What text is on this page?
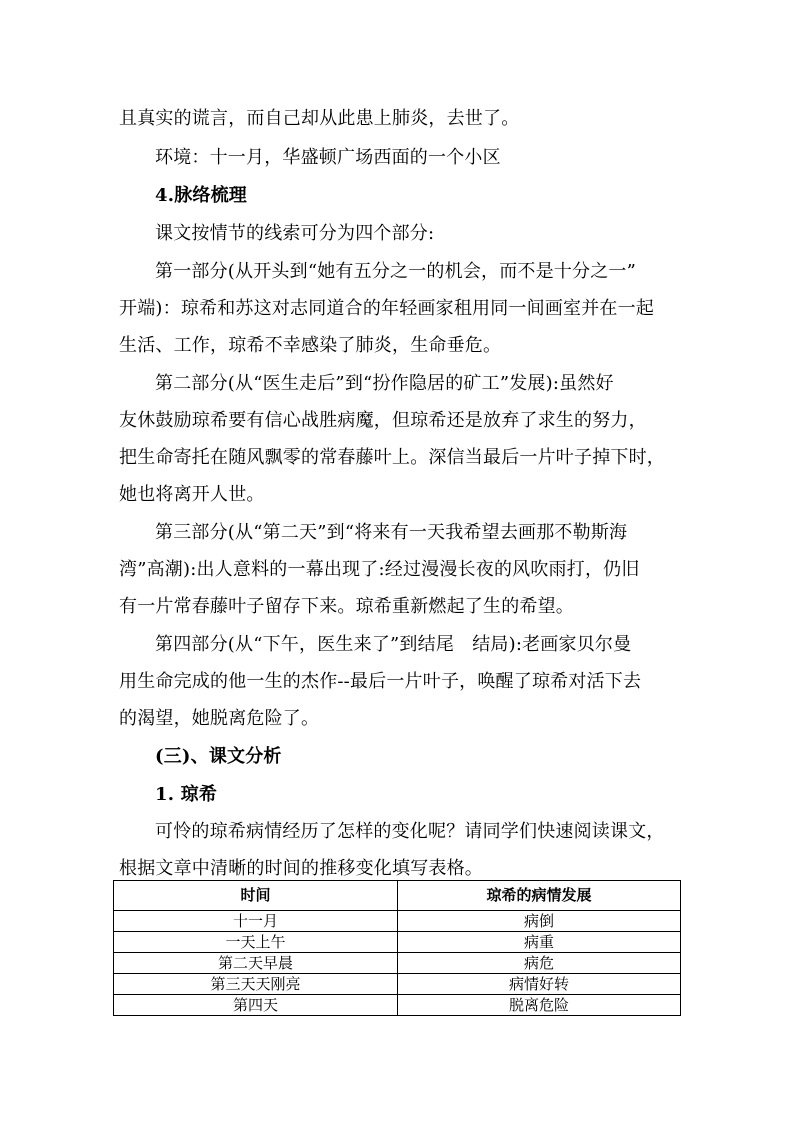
且真实的谎言，而自己却从此患上肺炎，去世了。
环境：十一月，华盛顿广场西面的一个小区
4.脉络梳理
课文按情节的线索可分为四个部分:
第一部分(从开头到“她有五分之一的机会，而不是十分之一”
开端)：琼希和苏这对志同道合的年轻画家租用同一间画室并在一起
生活、工作，琼希不幸感染了肺炎，生命垂危。
第二部分(从“医生走后”到“扮作隐居的矿工”发展):虽然好
友休鼓励琼希要有信心战胜病魔，但琼希还是放弃了求生的努力，
把生命寄托在随风飘零的常春藤叶上。深信当最后一片叶子掉下时，
她也将离开人世。
第三部分(从“第二天”到“将来有一天我希望去画那不勒斯海
湾”高潮):出人意料的一幕出现了:经过漫漫长夜的风吹雨打，仍旧
有一片常春藤叶子留存下来。琼希重新燃起了生的希望。
第四部分(从“下午，医生来了”到结尾　结局):老画家贝尔曼
用生命完成的他一生的杰作--最后一片叶子，唤醒了琼希对活下去
的渴望，她脱离危险了。
(三)、课文分析
1. 琼希
可怜的琼希病情经历了怎样的变化呢？请同学们快速阅读课文，
根据文章中清晰的时间的推移变化填写表格。
时间	琼希的病情发展
十一月	病倒
一天上午	病重
第二天早晨	病危
第三天天刚亮	病情好转
第四天	脱离危险
